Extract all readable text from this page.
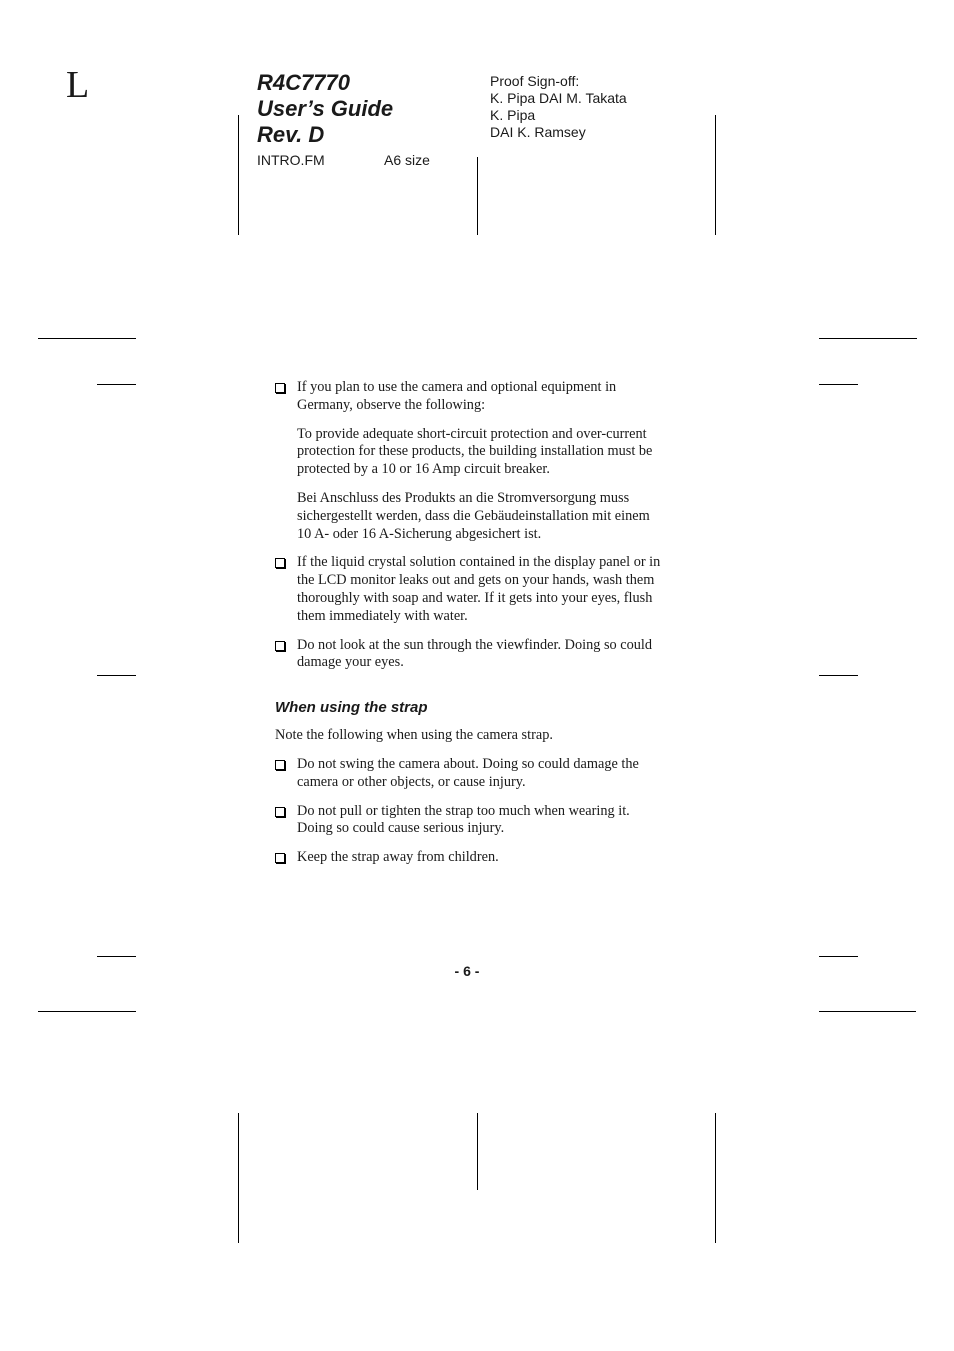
L	R4C7770
User’s Guide
Rev. D
INTRO.FM	A6 size
Proof Sign-off:
K. Pipa DAI M. Takata
K. Pipa
DAI K. Ramsey

If you plan to use the camera and optional equipment in Germany, observe the following:

To provide adequate short-circuit protection and over-current protection for these products, the building installation must be protected by a 10 or 16 Amp circuit breaker.

Bei Anschluss des Produkts an die Stromversorgung muss sichergestellt werden, dass die Gebäudeinstallation mit einem 10 A- oder 16 A-Sicherung abgesichert ist.

If the liquid crystal solution contained in the display panel or in the LCD monitor leaks out and gets on your hands, wash them thoroughly with soap and water. If it gets into your eyes, flush them immediately with water.

Do not look at the sun through the viewfinder. Doing so could damage your eyes.

When using the strap

Note the following when using the camera strap.

Do not swing the camera about. Doing so could damage the camera or other objects, or cause injury.

Do not pull or tighten the strap too much when wearing it. Doing so could cause serious injury.

Keep the strap away from children.

- 6 -
